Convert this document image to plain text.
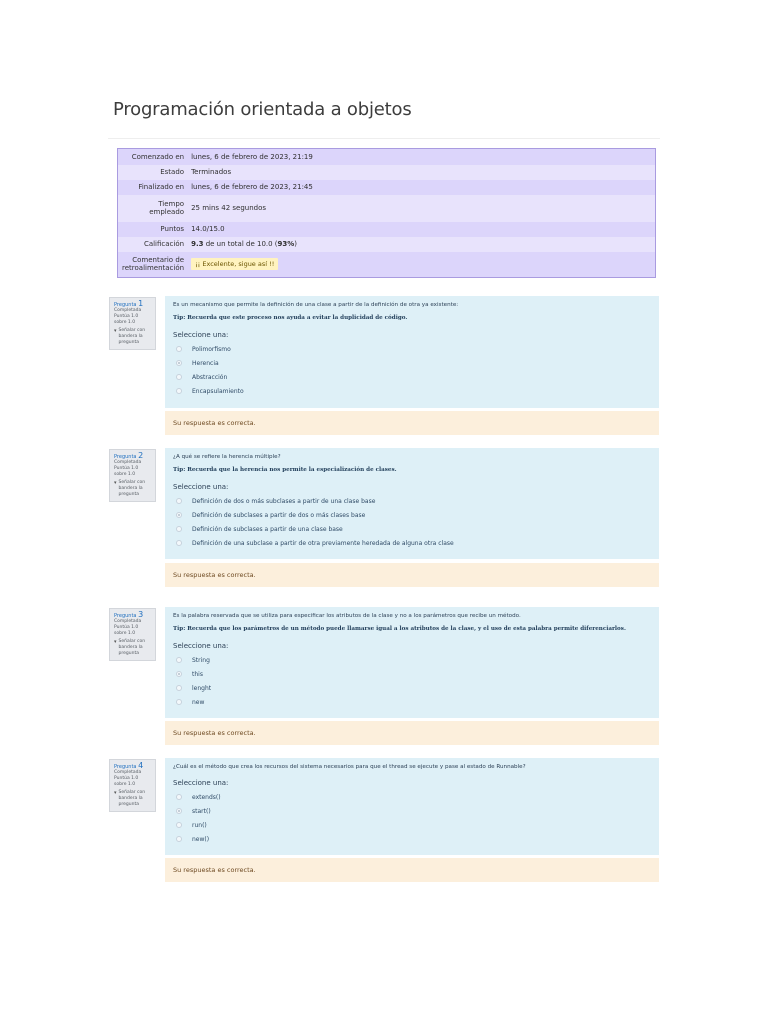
Programación orientada a objetos
Comenzado en	lunes, 6 de febrero de 2023, 21:19
Estado	Terminados
Finalizado en	lunes, 6 de febrero de 2023, 21:45
Tiempo empleado	25 mins 42 segundos
Puntos	14.0/15.0
Calificación	9.3 de un total de 10.0 (93%)
Comentario de retroalimentación	¡¡ Excelente, sigue así !!
Pregunta 1
Completada
Puntúa 1.0
sobre 1.0
▾ Señalar con bandera la pregunta
Es un mecanismo que permite la definición de una clase a partir de la definición de otra ya existente:
Tip: Recuerda que este proceso nos ayuda a evitar la duplicidad de código.
Seleccione una:
Polimorfismo
Herencia
Abstracción
Encapsulamiento
Su respuesta es correcta.
Pregunta 2
Completada
Puntúa 1.0
sobre 1.0
▾ Señalar con bandera la pregunta
¿A qué se refiere la herencia múltiple?
Tip: Recuerda que la herencia nos permite la especialización de clases.
Seleccione una:
Definición de dos o más subclases a partir de una clase base
Definición de subclases a partir de dos o más clases base
Definición de subclases a partir de una clase base
Definición de una subclase a partir de otra previamente heredada de alguna otra clase
Su respuesta es correcta.
Pregunta 3
Completada
Puntúa 1.0
sobre 1.0
▾ Señalar con bandera la pregunta
Es la palabra reservada que se utiliza para especificar los atributos de la clase y no a los parámetros que recibe un método.
Tip: Recuerda que los parámetros de un método puede llamarse igual a los atributos de la clase, y el uso de esta palabra permite diferenciarlos.
Seleccione una:
String
this
lenght
new
Su respuesta es correcta.
Pregunta 4
Completada
Puntúa 1.0
sobre 1.0
▾ Señalar con bandera la pregunta
¿Cuál es el método que crea los recursos del sistema necesarios para que el thread se ejecute y pase al estado de Runnable?
Seleccione una:
extends()
start()
run()
new()
Su respuesta es correcta.
